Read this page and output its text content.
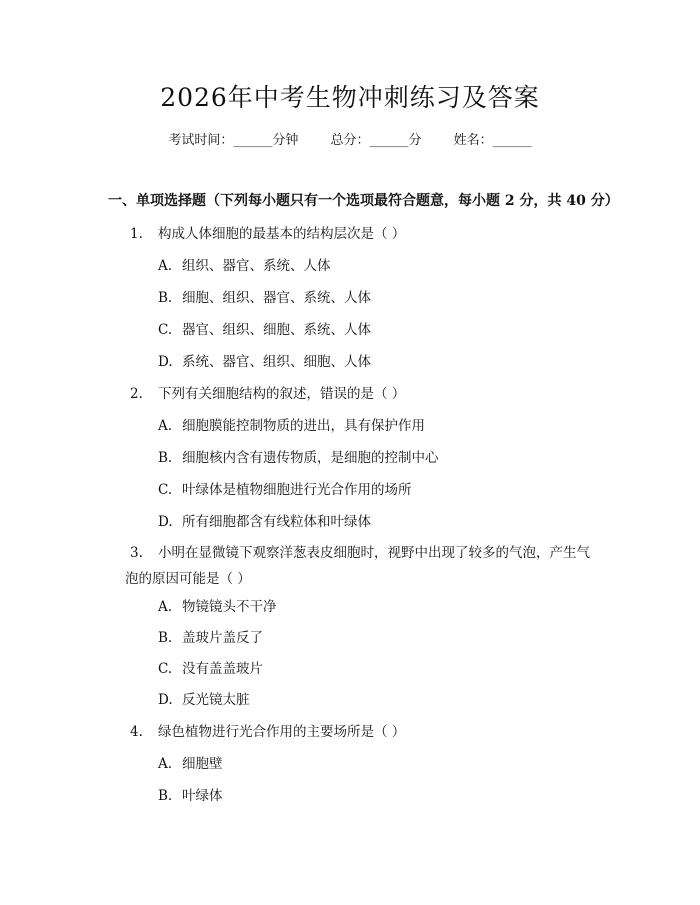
2026年中考生物冲刺练习及答案
考试时间：______分钟 总分：______分 姓名：______
一、单项选择题（下列每小题只有一个选项最符合题意，每小题 2 分，共 40 分）
1. 构成人体细胞的最基本的结构层次是（ ）
A. 组织、器官、系统、人体
B. 细胞、组织、器官、系统、人体
C. 器官、组织、细胞、系统、人体
D. 系统、器官、组织、细胞、人体
2. 下列有关细胞结构的叙述，错误的是（ ）
A. 细胞膜能控制物质的进出，具有保护作用
B. 细胞核内含有遗传物质，是细胞的控制中心
C. 叶绿体是植物细胞进行光合作用的场所
D. 所有细胞都含有线粒体和叶绿体
3. 小明在显微镜下观察洋葱表皮细胞时，视野中出现了较多的气泡，产生气泡的原因可能是（ ）
A. 物镜镜头不干净
B. 盖玻片盖反了
C. 没有盖盖玻片
D. 反光镜太脏
4. 绿色植物进行光合作用的主要场所是（ ）
A. 细胞壁
B. 叶绿体
